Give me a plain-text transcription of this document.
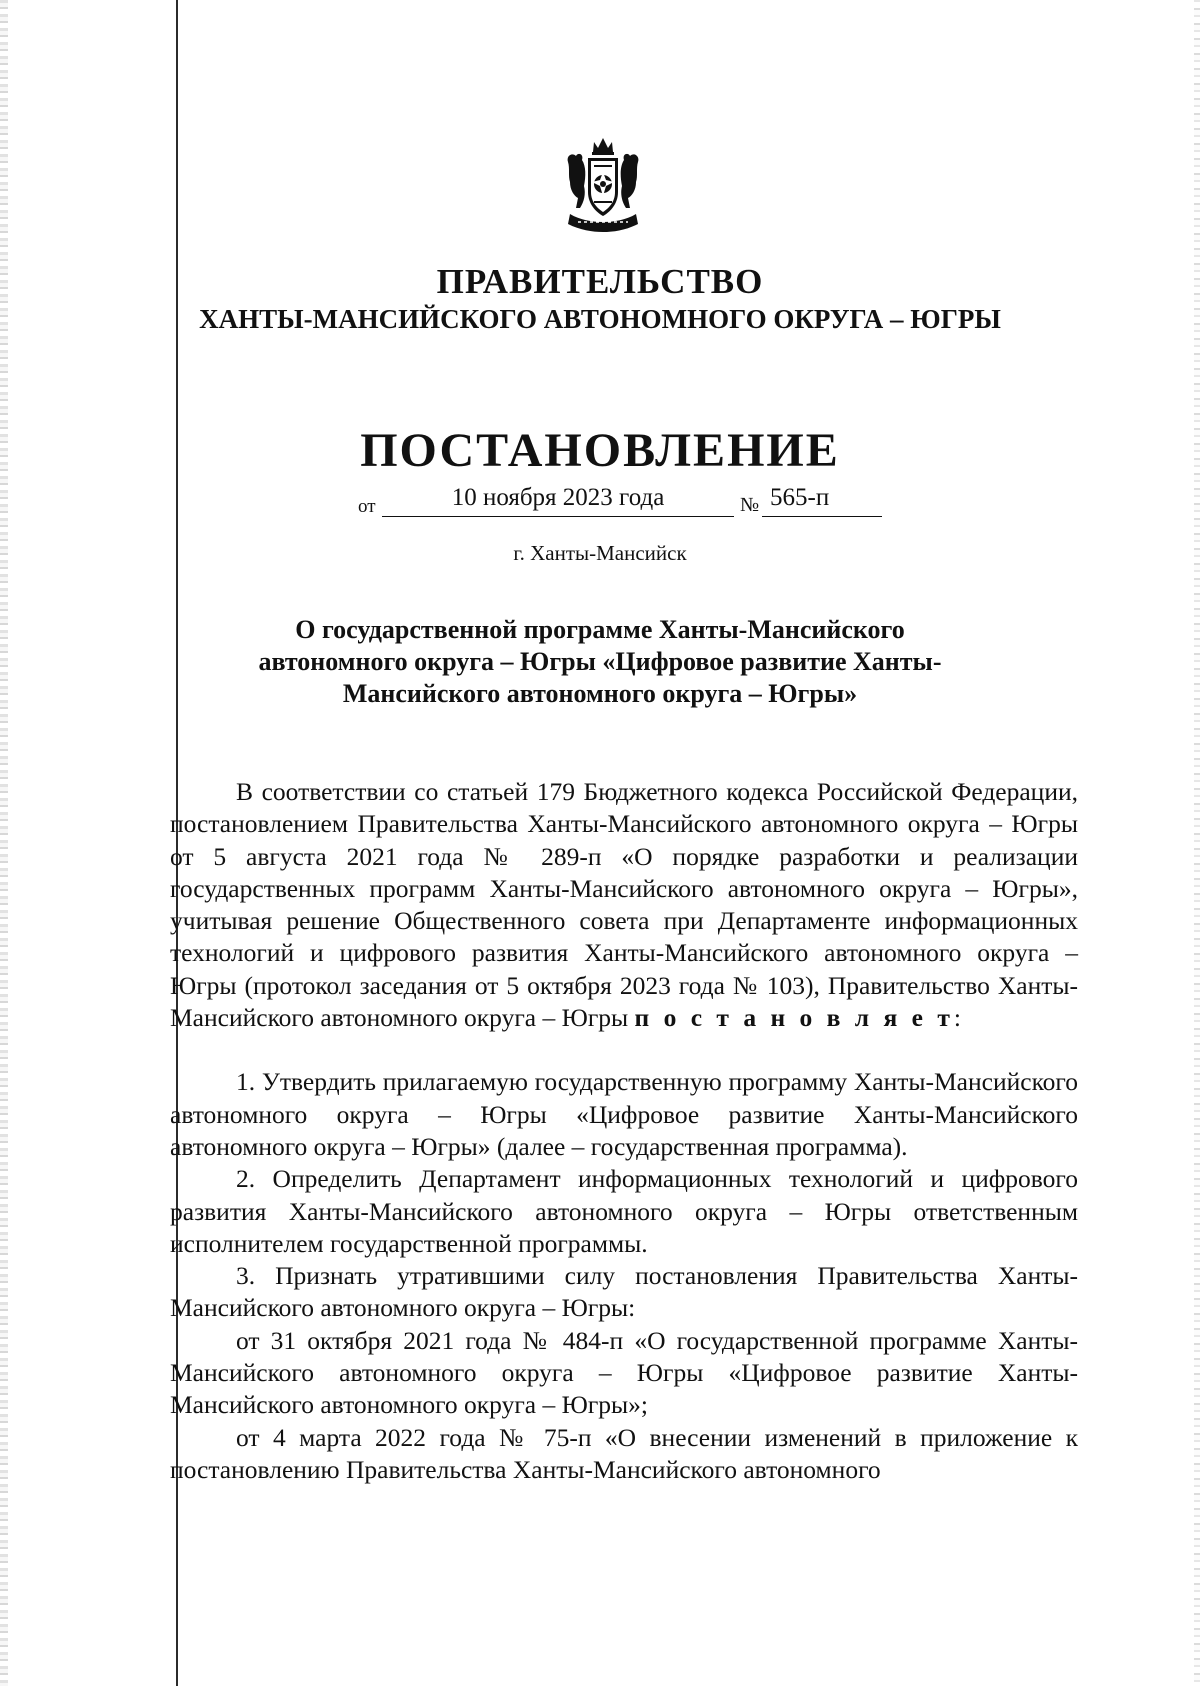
ПРАВИТЕЛЬСТВО
ХАНТЫ-МАНСИЙСКОГО АВТОНОМНОГО ОКРУГА – ЮГРЫ
ПОСТАНОВЛЕНИЕ
от	10 ноября 2023 года	№ 565-п
г. Ханты-Мансийск
О государственной программе Ханты-Мансийского автономного округа – Югры «Цифровое развитие Ханты-Мансийского автономного округа – Югры»

В соответствии со статьей 179 Бюджетного кодекса Российской Федерации, постановлением Правительства Ханты-Мансийского автономного округа – Югры от 5 августа 2021 года № 289-п «О порядке разработки и реализации государственных программ Ханты-Мансийского автономного округа – Югры», учитывая решение Общественного совета при Департаменте информационных технологий и цифрового развития Ханты-Мансийского автономного округа – Югры (протокол заседания от 5 октября 2023 года № 103), Правительство Ханты-Мансийского автономного округа – Югры п о с т а н о в л я е т:

1. Утвердить прилагаемую государственную программу Ханты-Мансийского автономного округа – Югры «Цифровое развитие Ханты-Мансийского автономного округа – Югры» (далее – государственная программа).

2. Определить Департамент информационных технологий и цифрового развития Ханты-Мансийского автономного округа – Югры ответственным исполнителем государственной программы.

3. Признать утратившими силу постановления Правительства Ханты-Мансийского автономного округа – Югры:

от 31 октября 2021 года № 484-п «О государственной программе Ханты-Мансийского автономного округа – Югры «Цифровое развитие Ханты-Мансийского автономного округа – Югры»;

от 4 марта 2022 года № 75-п «О внесении изменений в приложение к постановлению Правительства Ханты-Мансийского автономного
